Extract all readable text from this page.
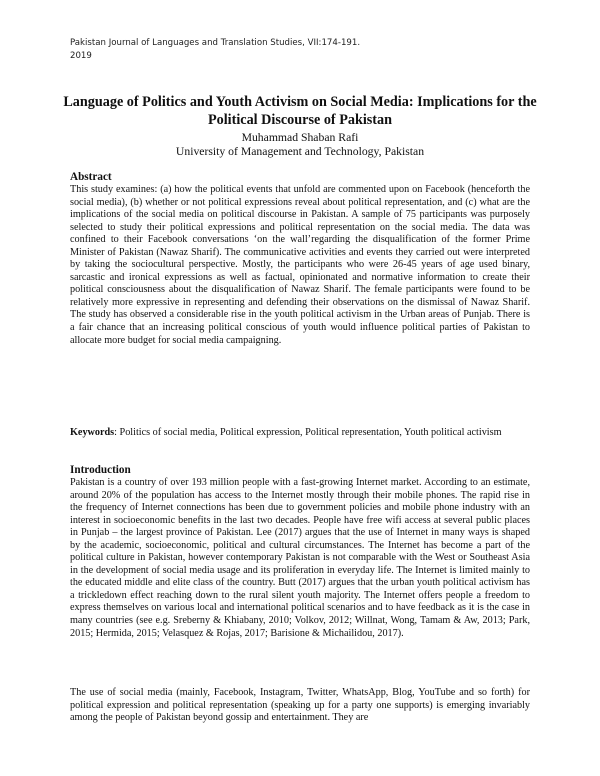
Pakistan Journal of Languages and Translation Studies, VII:174-191.
2019
Language of Politics and Youth Activism on Social Media: Implications for the Political Discourse of Pakistan
Muhammad Shaban Rafi
University of Management and Technology, Pakistan
Abstract
This study examines: (a) how the political events that unfold are commented upon on Facebook (henceforth the social media), (b) whether or not political expressions reveal about political representation, and (c) what are the implications of the social media on political discourse in Pakistan. A sample of 75 participants was purposely selected to study their political expressions and political representation on the social media. The data was confined to their Facebook conversations ‘on the wall’regarding the disqualification of the former Prime Minister of Pakistan (Nawaz Sharif). The communicative activities and events they carried out were interpreted by taking the sociocultural perspective. Mostly, the participants who were 26-45 years of age used binary, sarcastic and ironical expressions as well as factual, opinionated and normative information to create their political consciousness about the disqualification of Nawaz Sharif. The female participants were found to be relatively more expressive in representing and defending their observations on the dismissal of Nawaz Sharif. The study has observed a considerable rise in the youth political activism in the Urban areas of Punjab. There is a fair chance that an increasing political conscious of youth would influence political parties of Pakistan to allocate more budget for social media campaigning.
Keywords: Politics of social media, Political expression, Political representation, Youth political activism
Introduction
Pakistan is a country of over 193 million people with a fast-growing Internet market. According to an estimate, around 20% of the population has access to the Internet mostly through their mobile phones. The rapid rise in the frequency of Internet connections has been due to government policies and mobile phone industry with an interest in socioeconomic benefits in the last two decades. People have free wifi access at several public places in Punjab – the largest province of Pakistan. Lee (2017) argues that the use of Internet in many ways is shaped by the academic, socioeconomic, political and cultural circumstances. The Internet has become a part of the political culture in Pakistan, however contemporary Pakistan is not comparable with the West or Southeast Asia in the development of social media usage and its proliferation in everyday life. The Internet is limited mainly to the educated middle and elite class of the country. Butt (2017) argues that the urban youth political activism has a trickledown effect reaching down to the rural silent youth majority. The Internet offers people a freedom to express themselves on various local and international political scenarios and to have feedback as it is the case in many countries (see e.g. Sreberny & Khiabany, 2010; Volkov, 2012; Willnat, Wong, Tamam & Aw, 2013; Park, 2015; Hermida, 2015; Velasquez & Rojas, 2017; Barisione & Michailidou, 2017).
The use of social media (mainly, Facebook, Instagram, Twitter, WhatsApp, Blog, YouTube and so forth) for political expression and political representation (speaking up for a party one supports) is emerging invariably among the people of Pakistan beyond gossip and entertainment. They are
